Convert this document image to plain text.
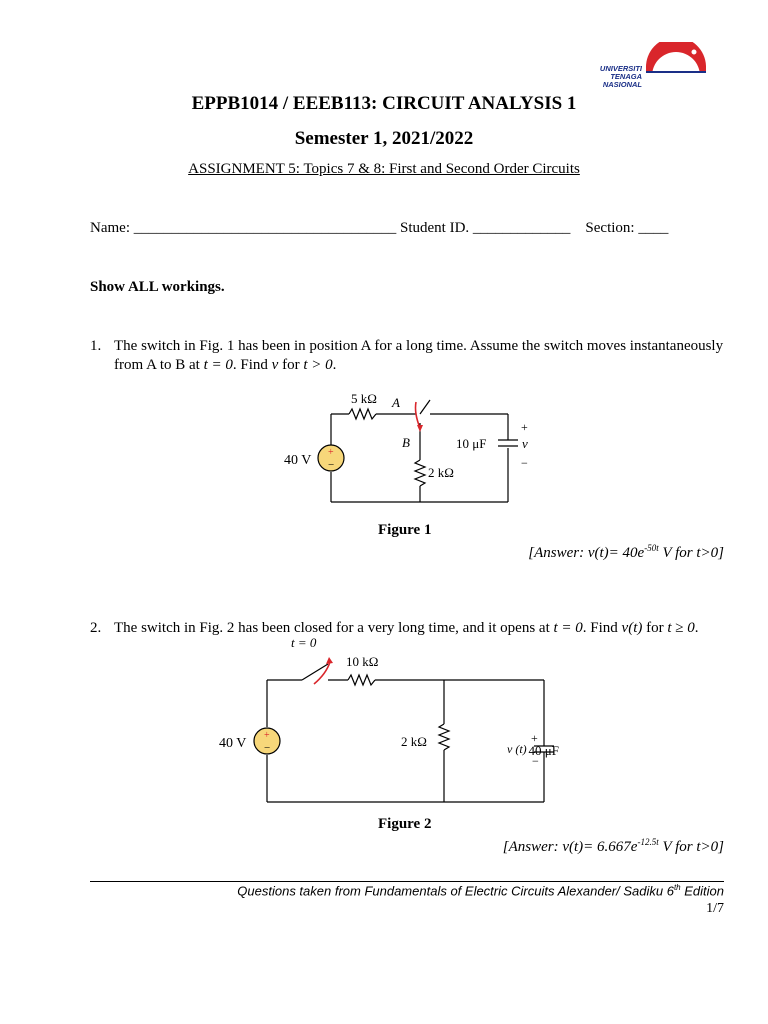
UNIVERSITI
TENAGA
NASIONAL
EPPB1014 / EEEB113: CIRCUIT ANALYSIS 1
Semester 1, 2021/2022
ASSIGNMENT 5: Topics 7 & 8: First and Second Order Circuits
Name: ___________________________________ Student ID. _____________ Section: ____
Show ALL workings.
1. The switch in Fig. 1 has been in position A for a long time. Assume the switch moves instantaneously
from A to B at t = 0. Find v for t > 0.
+
−
40 V
5 kΩ A
B
2 kΩ
10 μF
+
v
−
Figure 1
[Answer: $v(t)= 40e^{-50t}$ V for t>0]
2. The switch in Fig. 2 has been closed for a very long time, and it opens at t = 0. Find v(t) for t ≥ 0.
+
−
40 V
t = 0
10 kΩ
2 kΩ	+
v (t)
−
40 μF
Figure 2
[Answer: $v(t)= 6.667e^{-12.5t}$ V for t>0]
Questions taken from Fundamentals of Electric Circuits Alexander/ Sadiku 6th Edition
1/7
